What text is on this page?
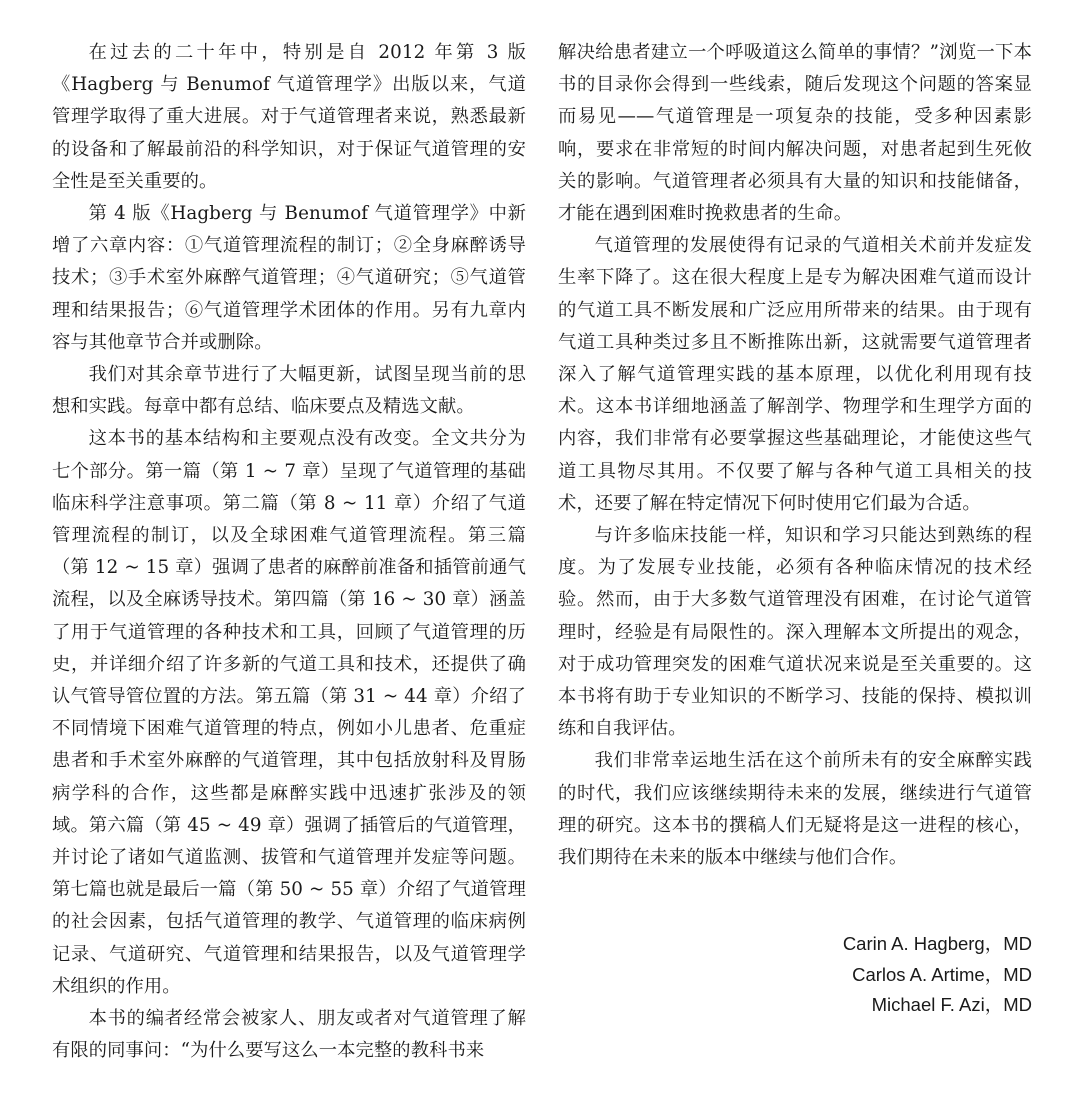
在过去的二十年中，特别是自 2012 年第 3 版《Hagberg 与 Benumof 气道管理学》出版以来，气道管理学取得了重大进展。对于气道管理者来说，熟悉最新的设备和了解最前沿的科学知识，对于保证气道管理的安全性是至关重要的。

第 4 版《Hagberg 与 Benumof 气道管理学》中新增了六章内容：①气道管理流程的制订；②全身麻醉诱导技术；③手术室外麻醉气道管理；④气道研究；⑤气道管理和结果报告；⑥气道管理学术团体的作用。另有九章内容与其他章节合并或删除。

我们对其余章节进行了大幅更新，试图呈现当前的思想和实践。每章中都有总结、临床要点及精选文献。

这本书的基本结构和主要观点没有改变。全文共分为七个部分。第一篇（第 1 ~ 7 章）呈现了气道管理的基础临床科学注意事项。第二篇（第 8 ~ 11 章）介绍了气道管理流程的制订，以及全球困难气道管理流程。第三篇（第 12 ~ 15 章）强调了患者的麻醉前准备和插管前通气流程，以及全麻诱导技术。第四篇（第 16 ~ 30 章）涵盖了用于气道管理的各种技术和工具，回顾了气道管理的历史，并详细介绍了许多新的气道工具和技术，还提供了确认气管导管位置的方法。第五篇（第 31 ~ 44 章）介绍了不同情境下困难气道管理的特点，例如小儿患者、危重症患者和手术室外麻醉的气道管理，其中包括放射科及胃肠病学科的合作，这些都是麻醉实践中迅速扩张涉及的领域。第六篇（第 45 ~ 49 章）强调了插管后的气道管理，并讨论了诸如气道监测、拔管和气道管理并发症等问题。第七篇也就是最后一篇（第 50 ~ 55 章）介绍了气道管理的社会因素，包括气道管理的教学、气道管理的临床病例记录、气道研究、气道管理和结果报告，以及气道管理学术组织的作用。

本书的编者经常会被家人、朋友或者对气道管理了解有限的同事问：“为什么要写这么一本完整的教科书来

解决给患者建立一个呼吸道这么简单的事情？”浏览一下本书的目录你会得到一些线索，随后发现这个问题的答案显而易见——气道管理是一项复杂的技能，受多种因素影响，要求在非常短的时间内解决问题，对患者起到生死攸关的影响。气道管理者必须具有大量的知识和技能储备，才能在遇到困难时挽救患者的生命。

气道管理的发展使得有记录的气道相关术前并发症发生率下降了。这在很大程度上是专为解决困难气道而设计的气道工具不断发展和广泛应用所带来的结果。由于现有气道工具种类过多且不断推陈出新，这就需要气道管理者深入了解气道管理实践的基本原理，以优化利用现有技术。这本书详细地涵盖了解剖学、物理学和生理学方面的内容，我们非常有必要掌握这些基础理论，才能使这些气道工具物尽其用。不仅要了解与各种气道工具相关的技术，还要了解在特定情况下何时使用它们最为合适。

与许多临床技能一样，知识和学习只能达到熟练的程度。为了发展专业技能，必须有各种临床情况的技术经验。然而，由于大多数气道管理没有困难，在讨论气道管理时，经验是有局限性的。深入理解本文所提出的观念，对于成功管理突发的困难气道状况来说是至关重要的。这本书将有助于专业知识的不断学习、技能的保持、模拟训练和自我评估。

我们非常幸运地生活在这个前所未有的安全麻醉实践的时代，我们应该继续期待未来的发展，继续进行气道管理的研究。这本书的撰稿人们无疑将是这一进程的核心，我们期待在未来的版本中继续与他们合作。

Carin A. Hagberg，MD
Carlos A. Artime，MD
Michael F. Azi，MD
